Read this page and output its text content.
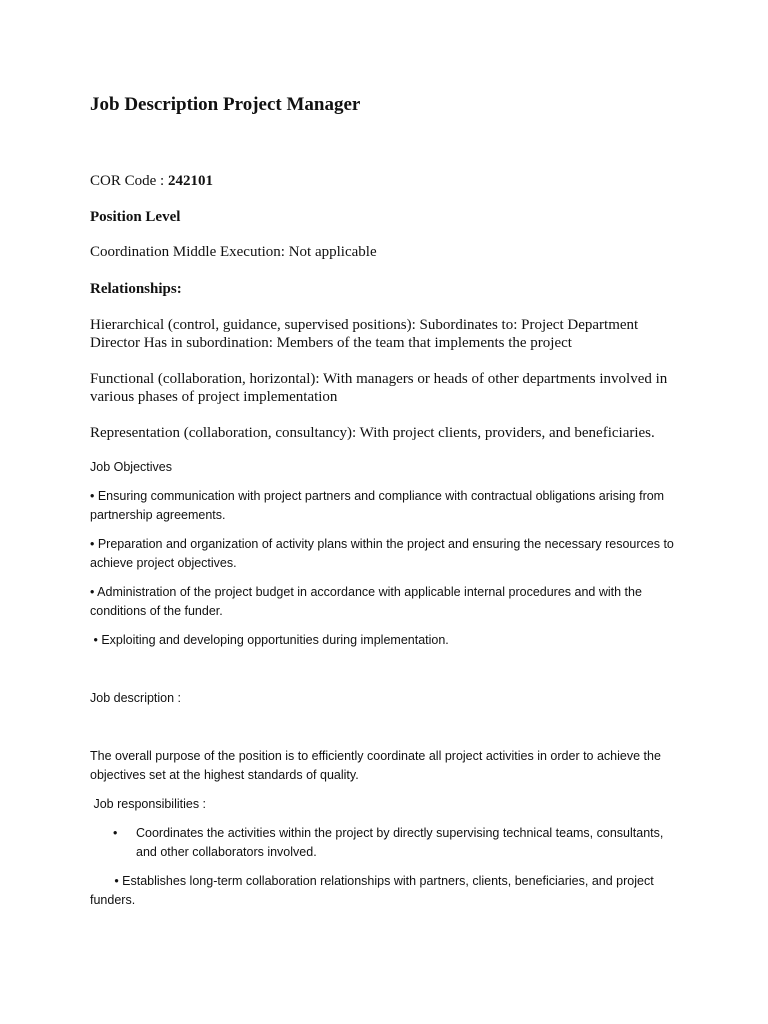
Job Description Project Manager

COR Code : 242101

Position Level

Coordination Middle Execution: Not applicable

Relationships:

Hierarchical (control, guidance, supervised positions): Subordinates to: Project Department Director Has in subordination: Members of the team that implements the project

Functional (collaboration, horizontal): With managers or heads of other departments involved in various phases of project implementation

Representation (collaboration, consultancy): With project clients, providers, and beneficiaries.

Job Objectives

• Ensuring communication with project partners and compliance with contractual obligations arising from partnership agreements.

• Preparation and organization of activity plans within the project and ensuring the necessary resources to achieve project objectives.

• Administration of the project budget in accordance with applicable internal procedures and with the conditions of the funder.

• Exploiting and developing opportunities during implementation.

Job description :

The overall purpose of the position is to efficiently coordinate all project activities in order to achieve the objectives set at the highest standards of quality.

Job responsibilities :

• Coordinates the activities within the project by directly supervising technical teams, consultants, and other collaborators involved.

• Establishes long-term collaboration relationships with partners, clients, beneficiaries, and project funders.
